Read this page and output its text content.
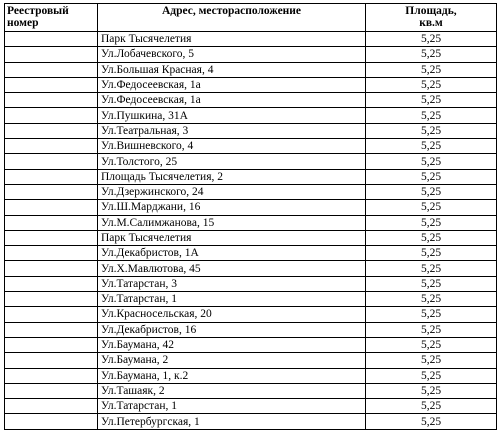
Реестровый
номер	Адрес, месторасположение	Площадь,
кв.м

	Парк Тысячелетия	5,25
	Ул.Лобачевского, 5	5,25
	Ул.Большая Красная, 4	5,25
	Ул.Федосеевская, 1а	5,25
	Ул.Федосеевская, 1а	5,25
	Ул.Пушкина, 31А	5,25
	Ул.Театральная, 3	5,25
	Ул.Вишневского, 4	5,25
	Ул.Толстого, 25	5,25
	Площадь Тысячелетия, 2	5,25
	Ул.Дзержинского, 24	5,25
	Ул.Ш.Марджани, 16	5,25
	Ул.М.Салимжанова, 15	5,25
	Парк Тысячелетия	5,25
	Ул.Декабристов, 1А	5,25
	Ул.Х.Мавлютова, 45	5,25
	Ул.Татарстан, 3	5,25
	Ул.Татарстан, 1	5,25
	Ул.Красносельская, 20	5,25
	Ул.Декабристов, 16	5,25
	Ул.Баумана, 42	5,25
	Ул.Баумана, 2	5,25
	Ул.Баумана, 1, к.2	5,25
	Ул.Ташаяк, 2	5,25
	Ул.Татарстан, 1	5,25
	Ул.Петербургская, 1	5,25
